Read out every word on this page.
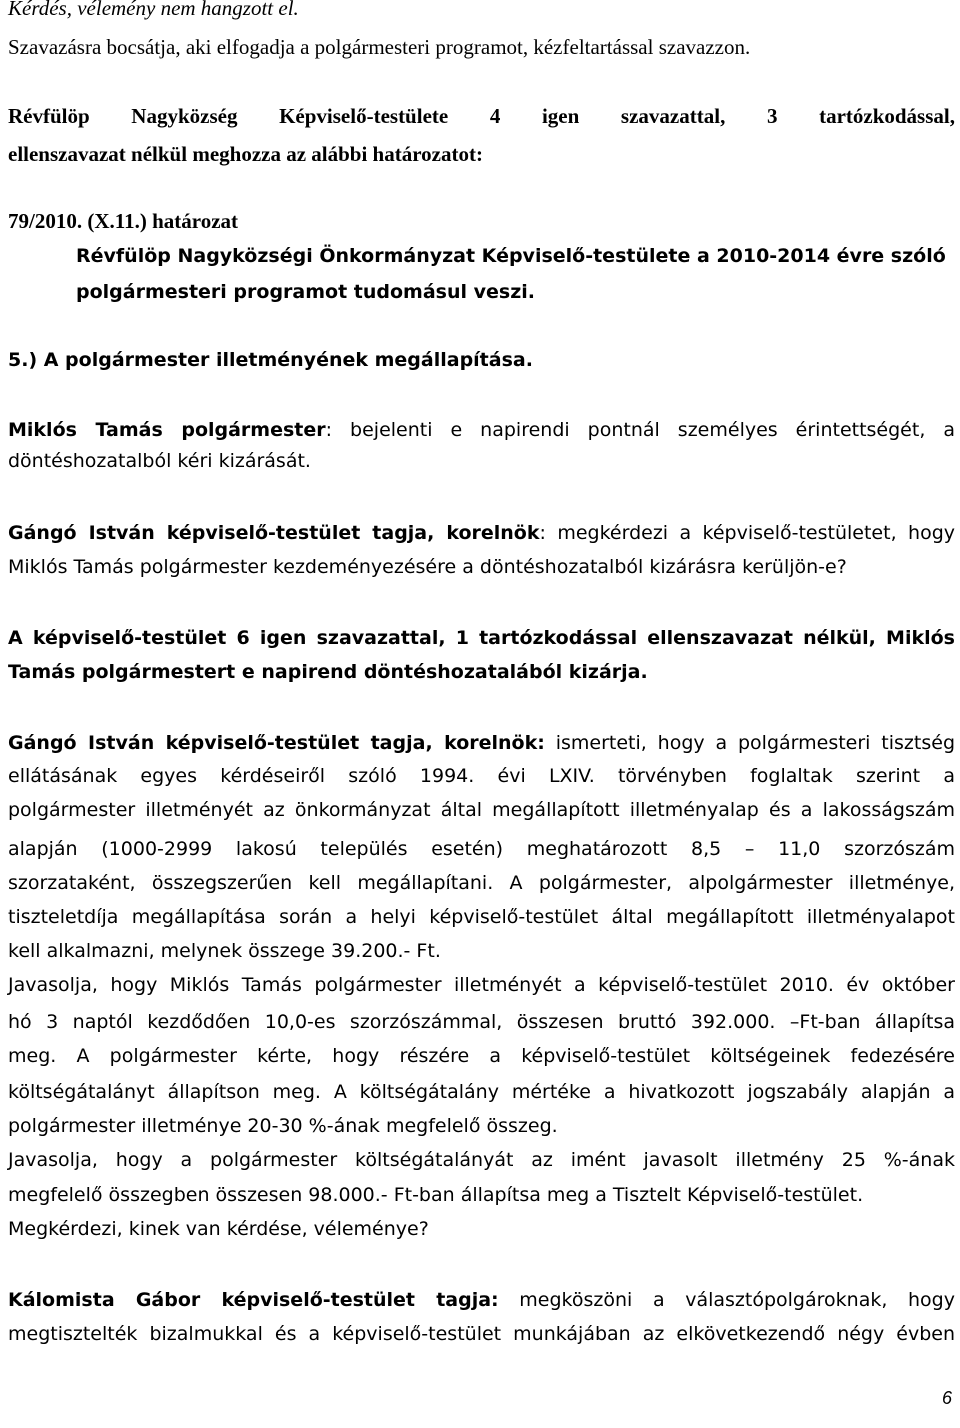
Kérdés, vélemény nem hangzott el.
Szavazásra bocsátja, aki elfogadja a polgármesteri programot, kézfeltartással szavazzon.
Révfülöp Nagyközség Képviselő-testülete 4 igen szavazattal, 3 tartózkodással,
ellenszavazat nélkül meghozza az alábbi határozatot:
79/2010. (X.11.) határozat
Révfülöp Nagyközségi Önkormányzat Képviselő-testülete a 2010-2014 évre szóló
polgármesteri programot tudomásul veszi.
5.) A polgármester illetményének megállapítása.
Miklós Tamás polgármester: bejelenti e napirendi pontnál személyes érintettségét, a
döntéshozatalból kéri kizárását.
Gángó István képviselő-testület tagja, korelnök: megkérdezi a képviselő-testületet, hogy
Miklós Tamás polgármester kezdeményezésére a döntéshozatalból kizárásra kerüljön-e?
A képviselő-testület 6 igen szavazattal, 1 tartózkodással ellenszavazat nélkül, Miklós
Tamás polgármestert e napirend döntéshozatalából kizárja.
Gángó István képviselő-testület tagja, korelnök: ismerteti, hogy a polgármesteri tisztség
ellátásának egyes kérdéseiről szóló 1994. évi LXIV. törvényben foglaltak szerint a
polgármester illetményét az önkormányzat által megállapított illetményalap és a lakosságszám
alapján (1000-2999 lakosú település esetén) meghatározott 8,5 – 11,0 szorzószám
szorzataként, összegszerűen kell megállapítani. A polgármester, alpolgármester illetménye,
tiszteletdíja megállapítása során a helyi képviselő-testület által megállapított illetményalapot
kell alkalmazni, melynek összege 39.200.- Ft.
Javasolja, hogy Miklós Tamás polgármester illetményét a képviselő-testület 2010. év október
hó 3 naptól kezdődően 10,0-es szorzószámmal, összesen bruttó 392.000. –Ft-ban állapítsa
meg. A polgármester kérte, hogy részére a képviselő-testület költségeinek fedezésére
költségátalányt állapítson meg. A költségátalány mértéke a hivatkozott jogszabály alapján a
polgármester illetménye 20-30 %-ának megfelelő összeg.
Javasolja, hogy a polgármester költségátalányát az imént javasolt illetmény 25 %-ának
megfelelő összegben összesen 98.000.- Ft-ban állapítsa meg a Tisztelt Képviselő-testület.
Megkérdezi, kinek van kérdése, véleménye?
Kálomista Gábor képviselő-testület tagja: megköszöni a választópolgároknak, hogy
megtisztelték bizalmukkal és a képviselő-testület munkájában az elkövetkezendő négy évben
6
